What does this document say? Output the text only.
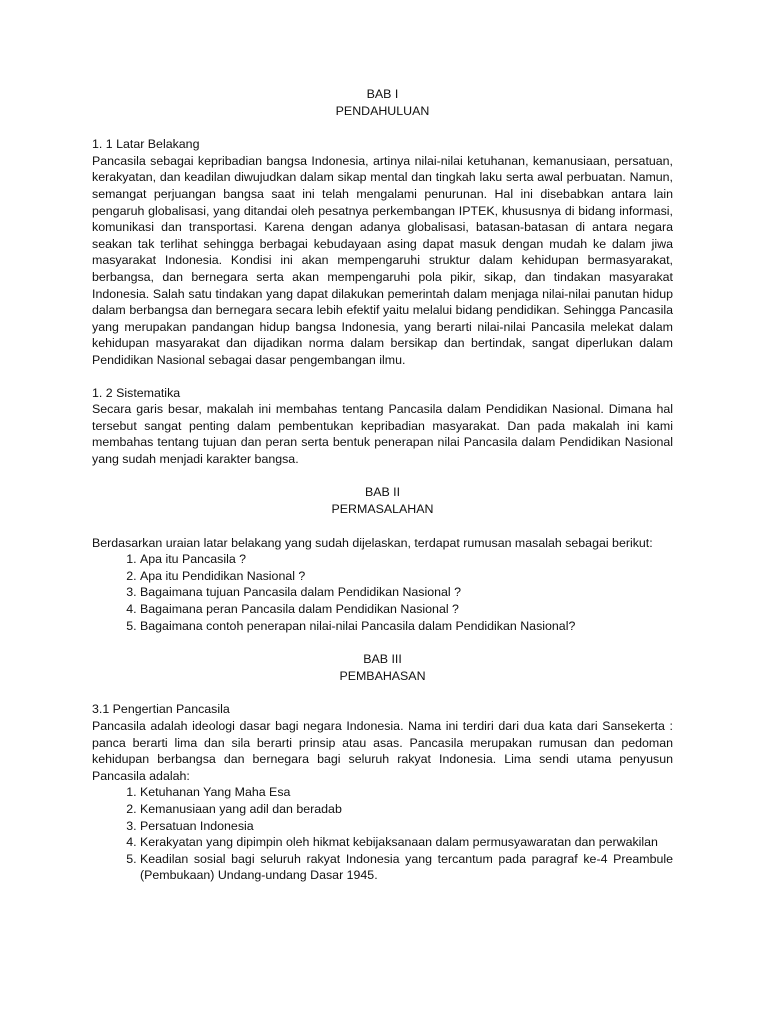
BAB I
PENDAHULUAN
1. 1 Latar Belakang

Pancasila sebagai kepribadian bangsa Indonesia, artinya nilai-nilai ketuhanan, kemanusiaan, persatuan, kerakyatan, dan keadilan diwujudkan dalam sikap mental dan tingkah laku serta awal perbuatan. Namun, semangat perjuangan bangsa saat ini telah mengalami penurunan. Hal ini disebabkan antara lain pengaruh globalisasi, yang ditandai oleh pesatnya perkembangan IPTEK, khususnya di bidang informasi, komunikasi dan transportasi. Karena dengan adanya globalisasi, batasan-batasan di antara negara seakan tak terlihat sehingga berbagai kebudayaan asing dapat masuk dengan mudah ke dalam jiwa masyarakat Indonesia. Kondisi ini akan mempengaruhi struktur dalam kehidupan bermasyarakat, berbangsa, dan bernegara serta akan mempengaruhi pola pikir, sikap, dan tindakan masyarakat Indonesia. Salah satu tindakan yang dapat dilakukan pemerintah dalam menjaga nilai-nilai panutan hidup dalam berbangsa dan bernegara secara lebih efektif yaitu melalui bidang pendidikan. Sehingga Pancasila yang merupakan pandangan hidup bangsa Indonesia, yang berarti nilai-nilai Pancasila melekat dalam kehidupan masyarakat dan dijadikan norma dalam bersikap dan bertindak, sangat diperlukan dalam Pendidikan Nasional sebagai dasar pengembangan ilmu.

1. 2 Sistematika

Secara garis besar, makalah ini membahas tentang Pancasila dalam Pendidikan Nasional. Dimana hal tersebut sangat penting dalam pembentukan kepribadian masyarakat. Dan pada makalah ini kami membahas tentang tujuan dan peran serta bentuk penerapan nilai Pancasila dalam Pendidikan Nasional yang sudah menjadi karakter bangsa.

BAB II
PERMASALAHAN

Berdasarkan uraian latar belakang yang sudah dijelaskan, terdapat rumusan masalah sebagai berikut:

1. Apa itu Pancasila ?
2. Apa itu Pendidikan Nasional ?
3. Bagaimana tujuan Pancasila dalam Pendidikan Nasional ?
4. Bagaimana peran Pancasila dalam Pendidikan Nasional ?
5. Bagaimana contoh penerapan nilai-nilai Pancasila dalam Pendidikan Nasional?
BAB III
PEMBAHASAN
3.1 Pengertian Pancasila

Pancasila adalah ideologi dasar bagi negara Indonesia. Nama ini terdiri dari dua kata dari Sansekerta : panca berarti lima dan sila berarti prinsip atau asas. Pancasila merupakan rumusan dan pedoman kehidupan berbangsa dan bernegara bagi seluruh rakyat Indonesia. Lima sendi utama penyusun Pancasila adalah:

1. Ketuhanan Yang Maha Esa
2. Kemanusiaan yang adil dan beradab
3. Persatuan Indonesia
4. Kerakyatan yang dipimpin oleh hikmat kebijaksanaan dalam permusyawaratan dan perwakilan
5. Keadilan sosial bagi seluruh rakyat Indonesia yang tercantum pada paragraf ke-4 Preambule (Pembukaan) Undang-undang Dasar 1945.
